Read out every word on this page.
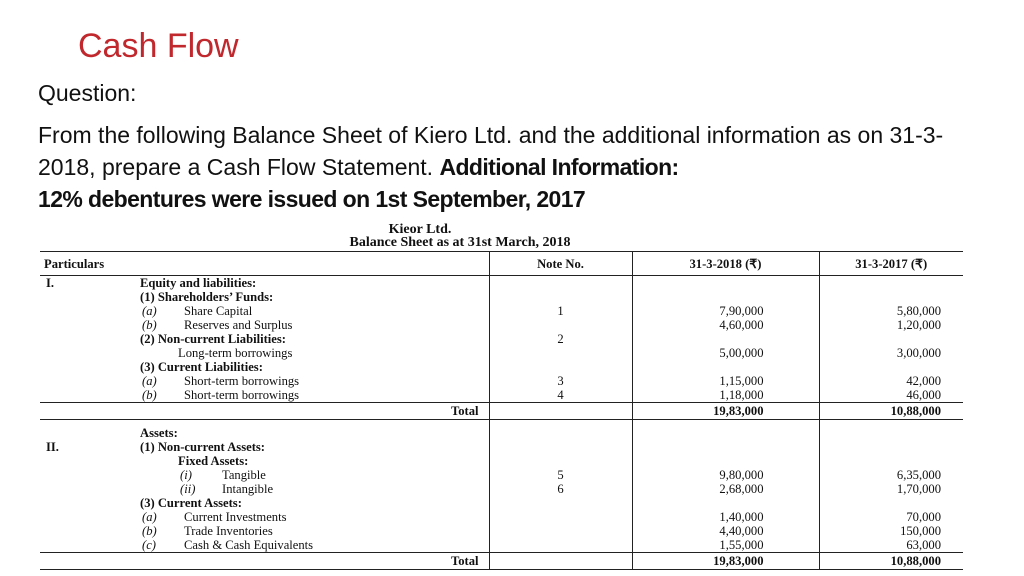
Cash Flow
Question:
From the following Balance Sheet of Kiero Ltd. and the additional information as on 31-3-2018, prepare a Cash Flow Statement. Additional Information:
12% debentures were issued on 1st September, 2017
Kieor Ltd.
Balance Sheet as at 31st March, 2018
Particulars		Note No.	31-3-2018 (₹)	31-3-2017 (₹)
I.	Equity and liabilities:			
	(1) Shareholders’ Funds:			
	(a) Share Capital	1	7,90,000	5,80,000
	(b) Reserves and Surplus		4,60,000	1,20,000
	(2) Non-current Liabilities:	2		
	Long-term borrowings		5,00,000	3,00,000
	(3) Current Liabilities:			
	(a) Short-term borrowings	3	1,15,000	42,000
	(b) Short-term borrowings	4	1,18,000	46,000
	Total		19,83,000	10,88,000

	Assets:			
II.	(1) Non-current Assets:			
	Fixed Assets:			
	(i) Tangible	5	9,80,000	6,35,000
	(ii) Intangible	6	2,68,000	1,70,000
	(3) Current Assets:			
	(a) Current Investments		1,40,000	70,000
	(b) Trade Inventories		4,40,000	150,000
	(c) Cash & Cash Equivalents		1,55,000	63,000
	Total		19,83,000	10,88,000
